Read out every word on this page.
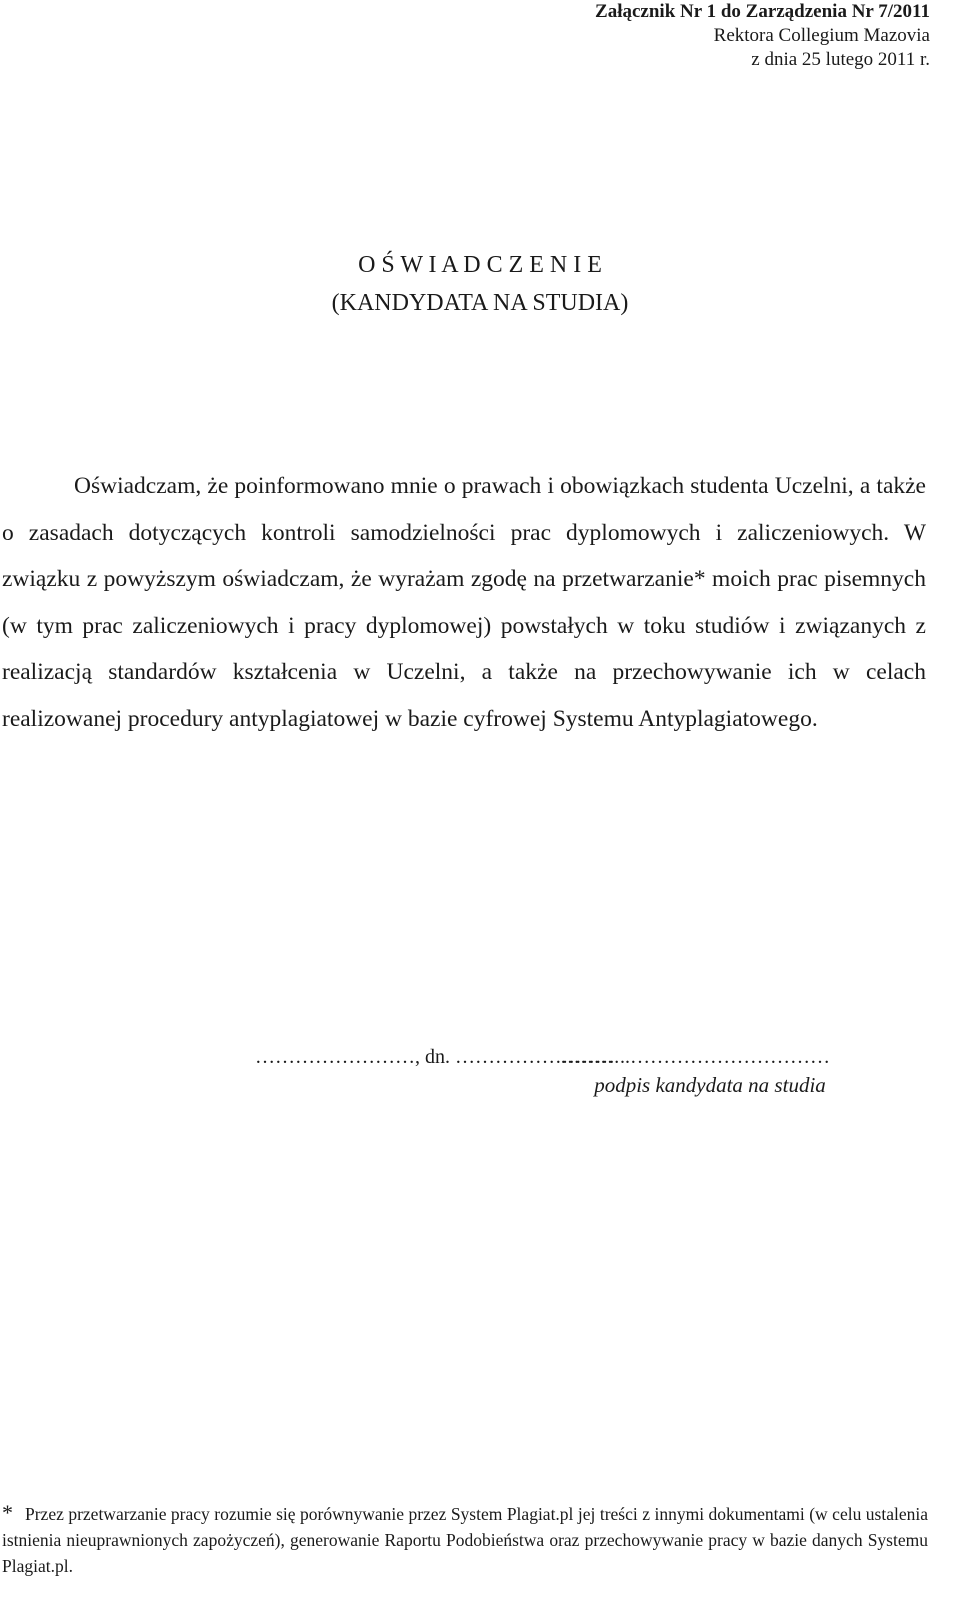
Załącznik Nr 1 do Zarządzenia Nr 7/2011
Rektora Collegium Mazovia
z dnia 25 lutego 2011 r.
O Ś W I A D C Z E N I E
(KANDYDATA NA STUDIA)

Oświadczam, że poinformowano mnie o prawach i obowiązkach studenta Uczelni, a także o zasadach dotyczących kontroli samodzielności prac dyplomowych i zaliczeniowych. W związku z powyższym oświadczam, że wyrażam zgodę na przetwarzanie* moich prac pisemnych (w tym prac zaliczeniowych i pracy dyplomowej) powstałych w toku studiów i związanych z realizacją standardów kształcenia w Uczelni, a także na przechowywanie ich w celach realizowanej procedury antyplagiatowej w bazie cyfrowej Systemu Antyplagiatowego.

……………………, dn. ……………………
………..…………………………
podpis kandydata na studia
* Przez przetwarzanie pracy rozumie się porównywanie przez System Plagiat.pl jej treści z innymi dokumentami (w celu ustalenia istnienia nieuprawnionych zapożyczeń), generowanie Raportu Podobieństwa oraz przechowywanie pracy w bazie danych Systemu Plagiat.pl.
